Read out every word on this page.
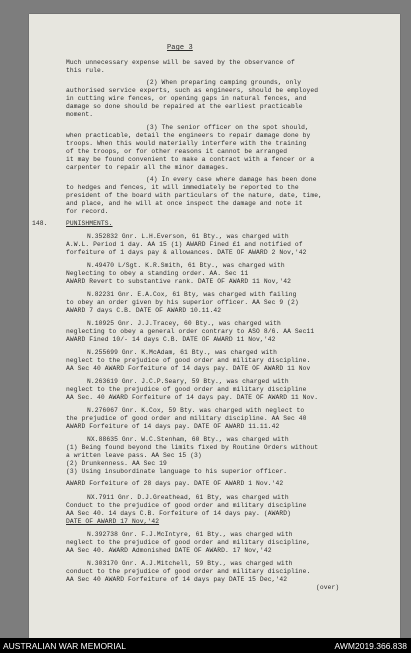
Page 3
Much unnecessary expense will be saved by the observance of
this rule.
(2) When preparing camping grounds, only
authorised service experts, such as engineers, should be employed
in cutting wire fences, or opening gaps in natural fences, and
damage so done should be repaired at the earliest practicable
moment.
(3) The senior officer on the spot should,
when practicable, detail the engineers to repair damage done by
troops. When this would materially interfere with the training
of the troops, or for other reasons it cannot be arranged
it may be found convenient to make a contract with a fencer or a
carpenter to repair all the minor damages.
(4) In every case where damage has been done
to hedges and fences, it will immediately be reported to the
president of the board with particulars of the nature, date, time,
and place, and he will at once inspect the damage and note it
for record.
148.	PUNISHMENTS.
N.352832 Gnr. L.H.Everson, 61 Bty., was charged with
A.W.L. Period 1 day. AA 15 (1) AWARD Fined £1 and notified of
forfeiture of 1 days pay & allowances. DATE OF AWARD 2 Nov,'42
N.49470 L/Sgt. K.R.Smith, 61 Bty., was charged with
Neglecting to obey a standing order. AA. Sec 11
AWARD Revert to substantive rank. DATE OF AWARD 11 Nov,'42
N.82231 Gnr. E.A.Cox, 61 Bty, was charged with failing
to obey an order given by his superior officer. AA Sec 9 (2)
AWARD 7 days C.B. DATE OF AWARD 10.11.42
N.10925 Gnr. J.J.Tracey, 60 Bty., was charged with
neglecting to obey a general order contrary to ASO 8/6. AA Sec11
AWARD Fined 10/- 14 days C.B. DATE OF AWARD 11 Nov,'42
N.255699 Gnr. K.McAdam, 61 Bty., was charged with
neglect to the prejudice of good order and military discipline.
AA Sec 40 AWARD Forfeiture of 14 days pay. DATE OF AWARD 11 Nov
N.263619 Gnr. J.C.P.Seary, 59 Bty., was charged with
neglect to the prejudice of good order and military discipline
AA Sec. 40 AWARD Forfeiture of 14 days pay. DATE OF AWARD 11 Nov.
N.276067 Gnr. K.Cox, 59 Bty. was charged with neglect to
the prejudice of good order and military discipline. AA Sec 40
AWARD Forfeiture of 14 days pay. DATE OF AWARD 11.11.42
NX.88635 Gnr. W.C.Stenham, 60 Bty., was charged with
(1) Being found beyond the limits fixed by Routine Orders without
a written leave pass. AA Sec 15 (3)
(2) Drunkenness. AA Sec 19
(3) Using insubordinate language to his superior officer.
AWARD Forfeiture of 28 days pay. DATE OF AWARD 1 Nov.'42
NX.7911 Gnr. D.J.Greathead, 61 Bty, was charged with
Conduct to the prejudice of good order and military discipline
AA Sec 40. 14 days C.B. Forfeiture of 14 days pay. (AWARD)
DATE OF AWARD 17 Nov,'42
N.392738 Gnr. F.J.McIntyre, 61 Bty., was charged with
neglect to the prejudice of good order and military discipline,
AA Sec 40. AWARD Admonished DATE OF AWARD. 17 Nov,'42
N.303170 Gnr. A.J.Mitchell, 59 Bty., was charged with
conduct to the prejudice of good order and military discipline.
AA Sec 40 AWARD Forfeiture of 14 days pay DATE 15 Dec,'42
(over)
AUSTRALIAN WAR MEMORIAL	AWM2019.366.838
